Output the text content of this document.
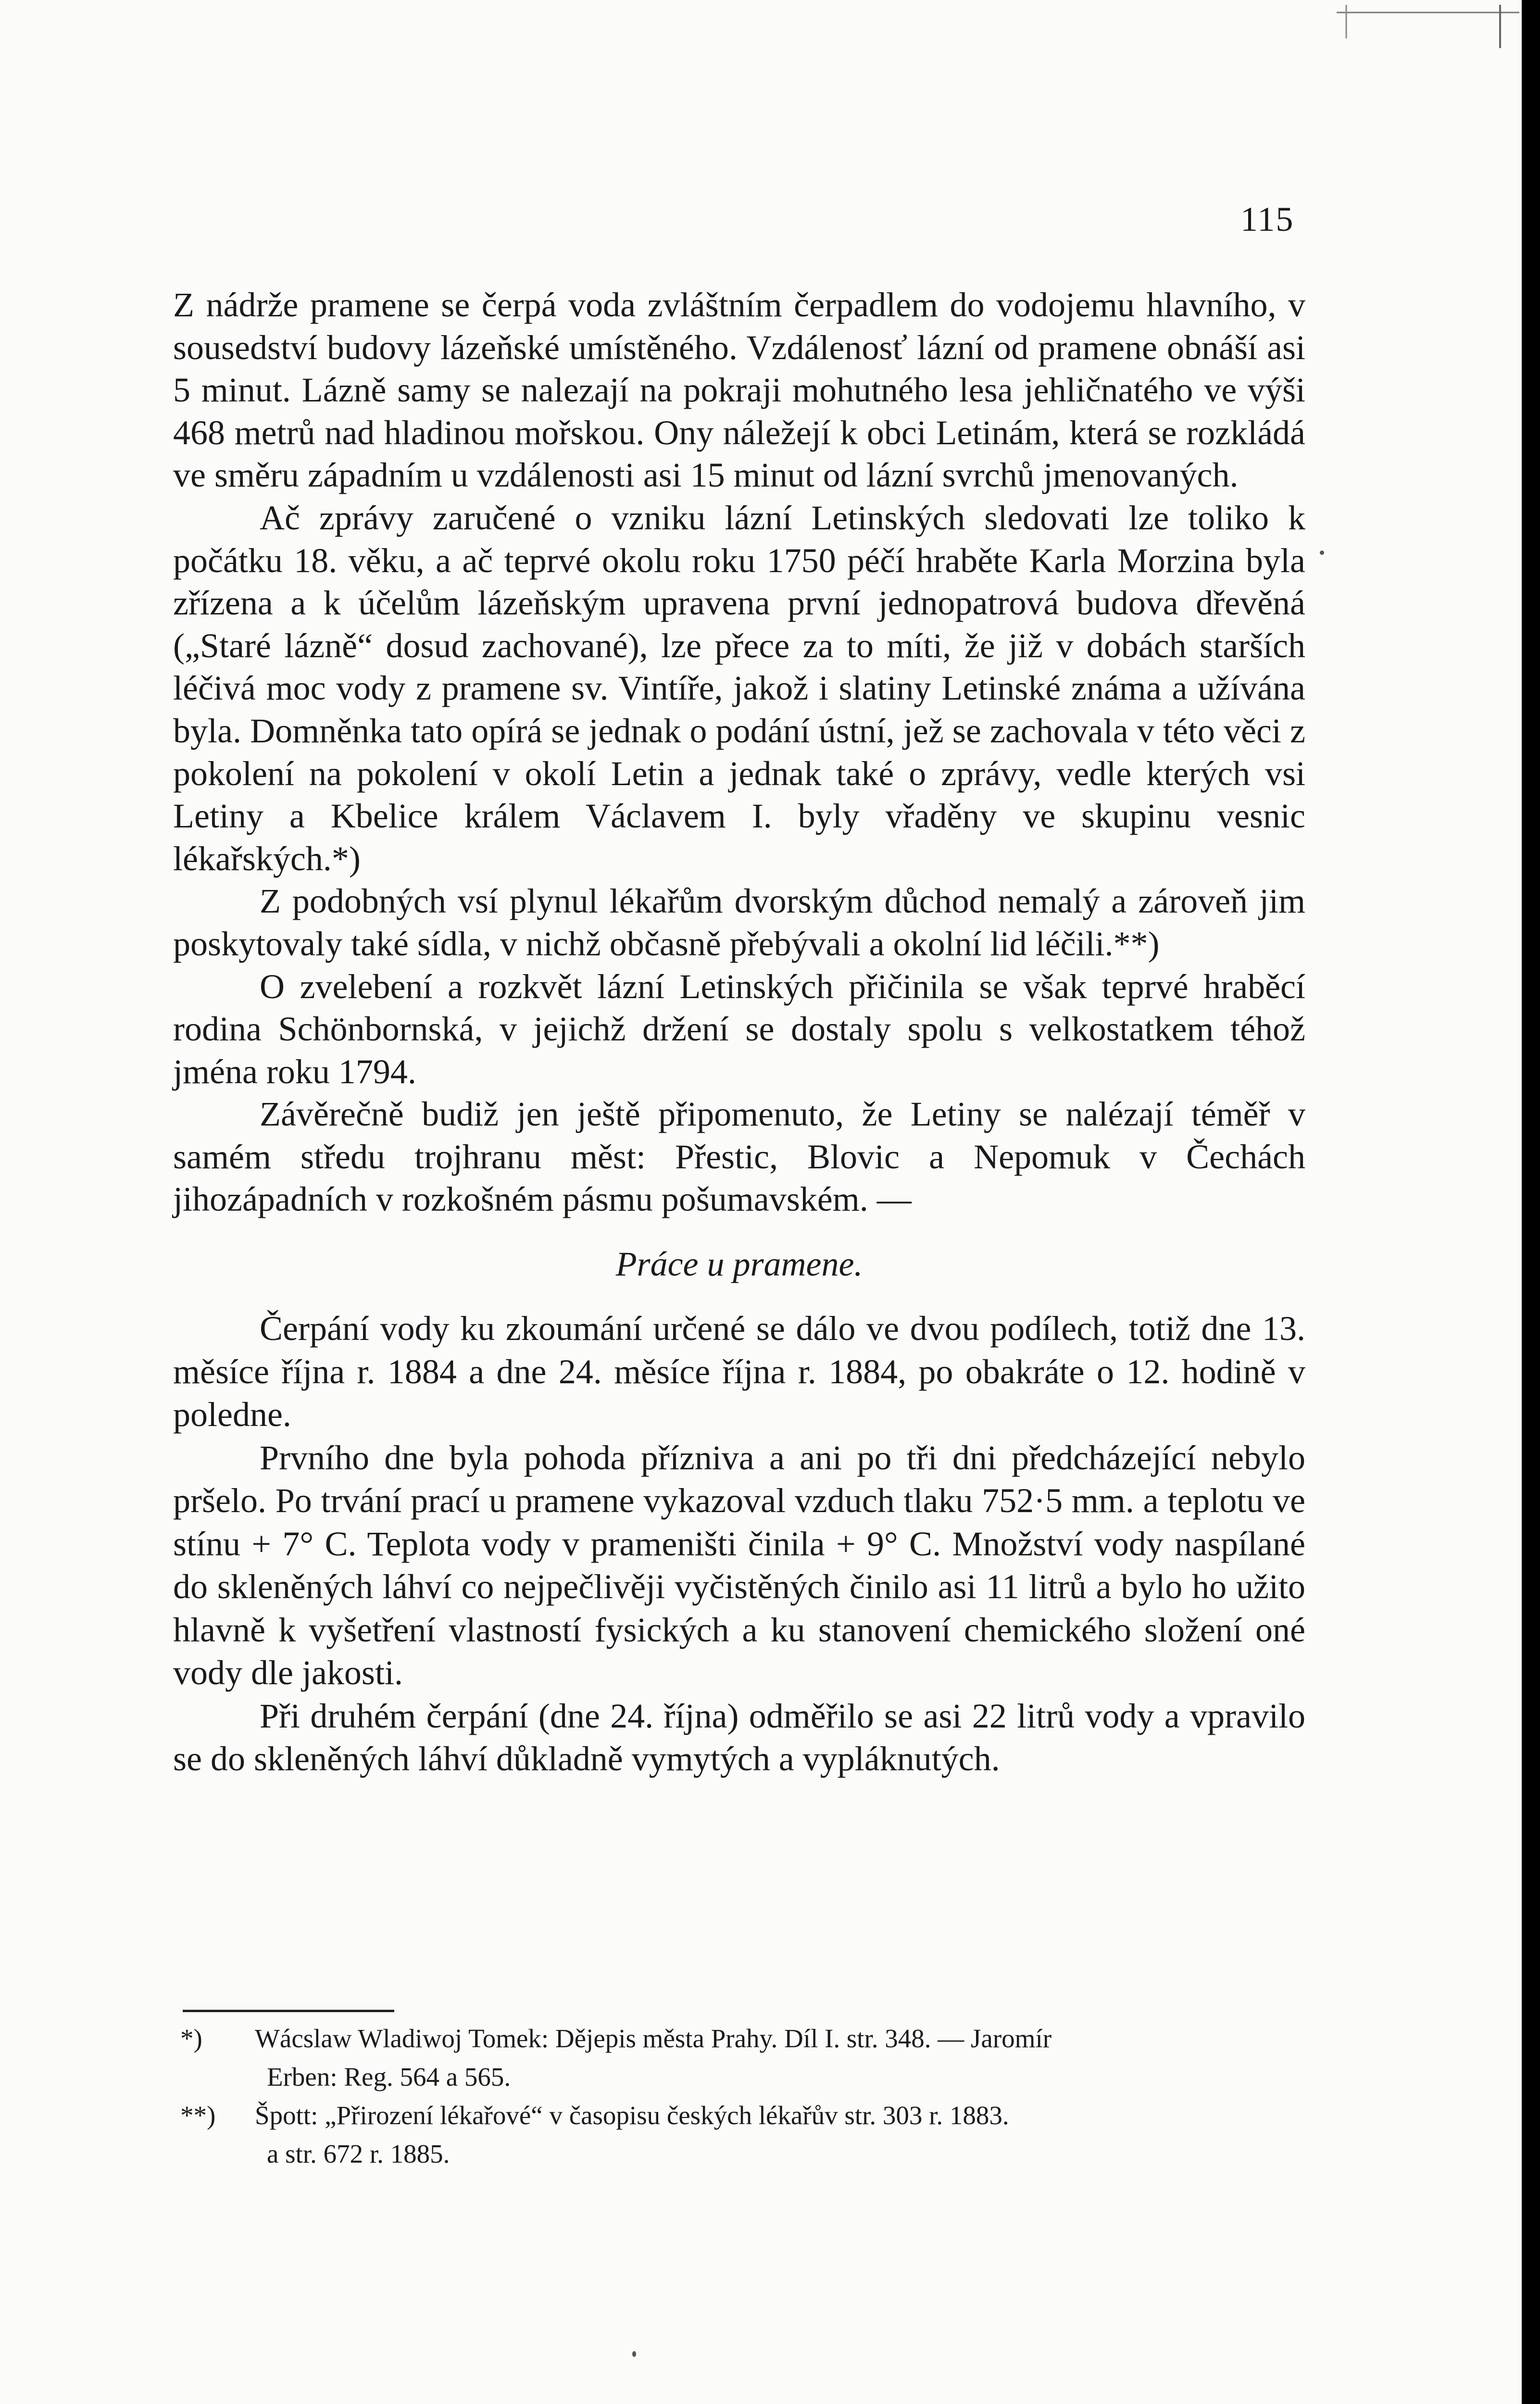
115

Z nádrže pramene se čerpá voda zvláštním čerpadlem do vodojemu hlavního, v sousedství budovy lázeňské umístěného. Vzdálenosť lázní od pramene obnáší asi 5 minut. Lázně samy se nalezají na pokraji mohutného lesa jehličnatého ve výši 468 metrů nad hladinou mořskou. Ony náležejí k obci Letinám, která se rozkládá ve směru západním u vzdálenosti asi 15 minut od lázní svrchů jmenovaných.

Ač zprávy zaručené o vzniku lázní Letinských sledovati lze toliko k počátku 18. věku, a ač teprvé okolu roku 1750 péčí hraběte Karla Morzina byla zřízena a k účelům lázeňským upravena první jednopatrová budova dřevěná („Staré lázně“ dosud zachované), lze přece za to míti, že již v dobách starších léčivá moc vody z pramene sv. Vintíře, jakož i slatiny Letinské známa a užívána byla. Domněnka tato opírá se jednak o podání ústní, jež se zachovala v této věci z pokolení na pokolení v okolí Letin a jednak také o zprávy, vedle kterých vsi Letiny a Kbelice králem Václavem I. byly vřaděny ve skupinu vesnic lékařských.*)

Z podobných vsí plynul lékařům dvorským důchod nemalý a zároveň jim poskytovaly také sídla, v nichž občasně přebývali a okolní lid léčili.**)

O zvelebení a rozkvět lázní Letinských přičinila se však teprvé hraběcí rodina Schönbornská, v jejichž držení se dostaly spolu s velkostatkem téhož jména roku 1794.

Závěrečně budiž jen ještě připomenuto, že Letiny se nalézají téměř v samém středu trojhranu měst: Přestic, Blovic a Nepomuk v Čechách jihozápadních v rozkošném pásmu pošumavském. —

Práce u pramene.

Čerpání vody ku zkoumání určené se dálo ve dvou podílech, totiž dne 13. měsíce října r. 1884 a dne 24. měsíce října r. 1884, po obakráte o 12. hodině v poledne.

Prvního dne byla pohoda přízniva a ani po tři dni předcházející nebylo pršelo. Po trvání prací u pramene vykazoval vzduch tlaku 752·5 mm. a teplotu ve stínu + 7° C. Teplota vody v prameništi činila + 9° C. Množství vody naspílané do skleněných láhví co nejpečlivěji vyčistěných činilo asi 11 litrů a bylo ho užito hlavně k vyšetření vlastností fysických a ku stanovení chemického složení oné vody dle jakosti.

Při druhém čerpání (dne 24. října) odměřilo se asi 22 litrů vody a vpravilo se do skleněných láhví důkladně vymytých a vypláknutých.

*) Wácslaw Wladiwoj Tomek: Dějepis města Prahy. Díl I. str. 348. — Jaromír
Erben: Reg. 564 a 565.

**) Špott: „Přirození lékařové“ v časopisu českých lékařův str. 303 r. 1883.
a str. 672 r. 1885.
